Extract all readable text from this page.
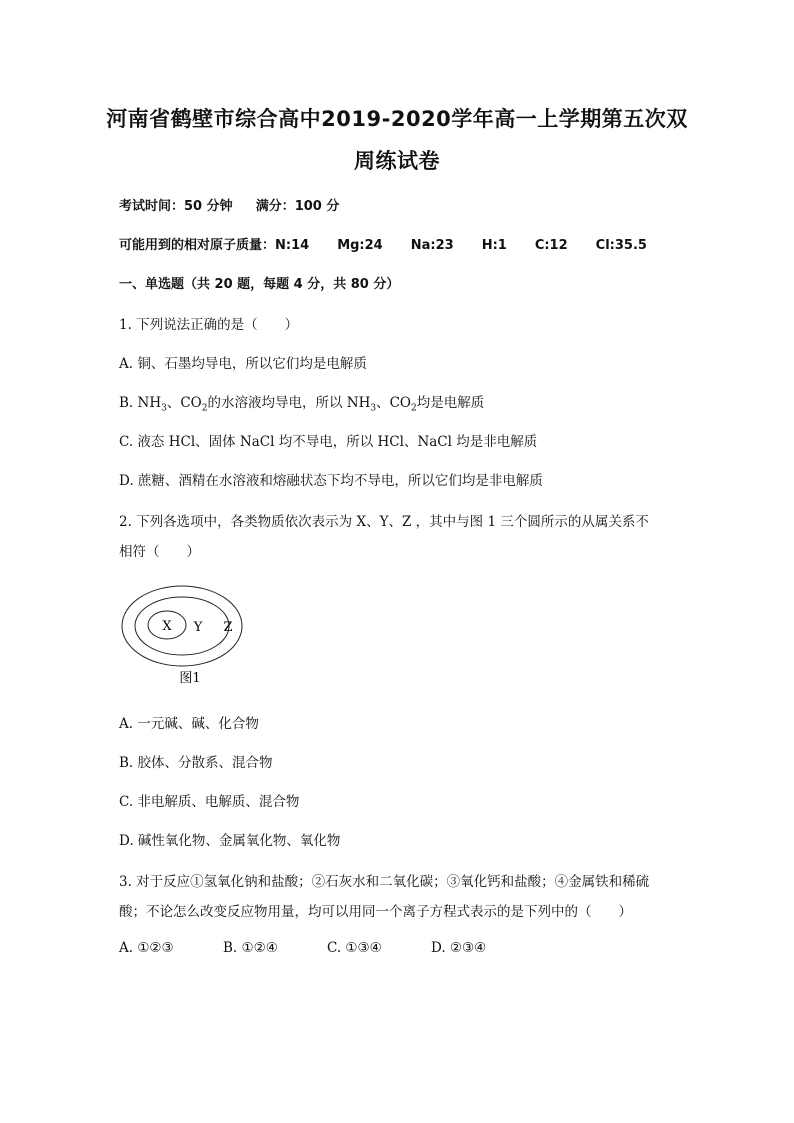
河南省鹤壁市综合高中2019-2020学年高一上学期第五次双
周练试卷
考试时间：50 分钟 满分：100 分
可能用到的相对原子质量：N:14 Mg:24 Na:23 H:1 C:12 Cl:35.5
一、单选题（共 20 题，每题 4 分，共 80 分）
1. 下列说法正确的是（　　）
A. 铜、石墨均导电，所以它们均是电解质
B. $NH_3$、$CO_2$的水溶液均导电，所以 $NH_3$、$CO_2$均是电解质
C. 液态 HCl、固体 NaCl 均不导电，所以 HCl、NaCl 均是非电解质
D. 蔗糖、酒精在水溶液和熔融状态下均不导电，所以它们均是非电解质
2. 下列各选项中，各类物质依次表示为 X、Y、Z ，其中与图 1 三个圆所示的从属关系不
相符（　　）
X Y Z
图1
A. 一元碱、碱、化合物
B. 胶体、分散系、混合物
C. 非电解质、电解质、混合物
D. 碱性氧化物、金属氧化物、氧化物
3. 对于反应①氢氧化钠和盐酸；②石灰水和二氧化碳；③氧化钙和盐酸；④金属铁和稀硫
酸；不论怎么改变反应物用量，均可以用同一个离子方程式表示的是下列中的（　　）
A. ①②③	B. ①②④	C. ①③④	D. ②③④
